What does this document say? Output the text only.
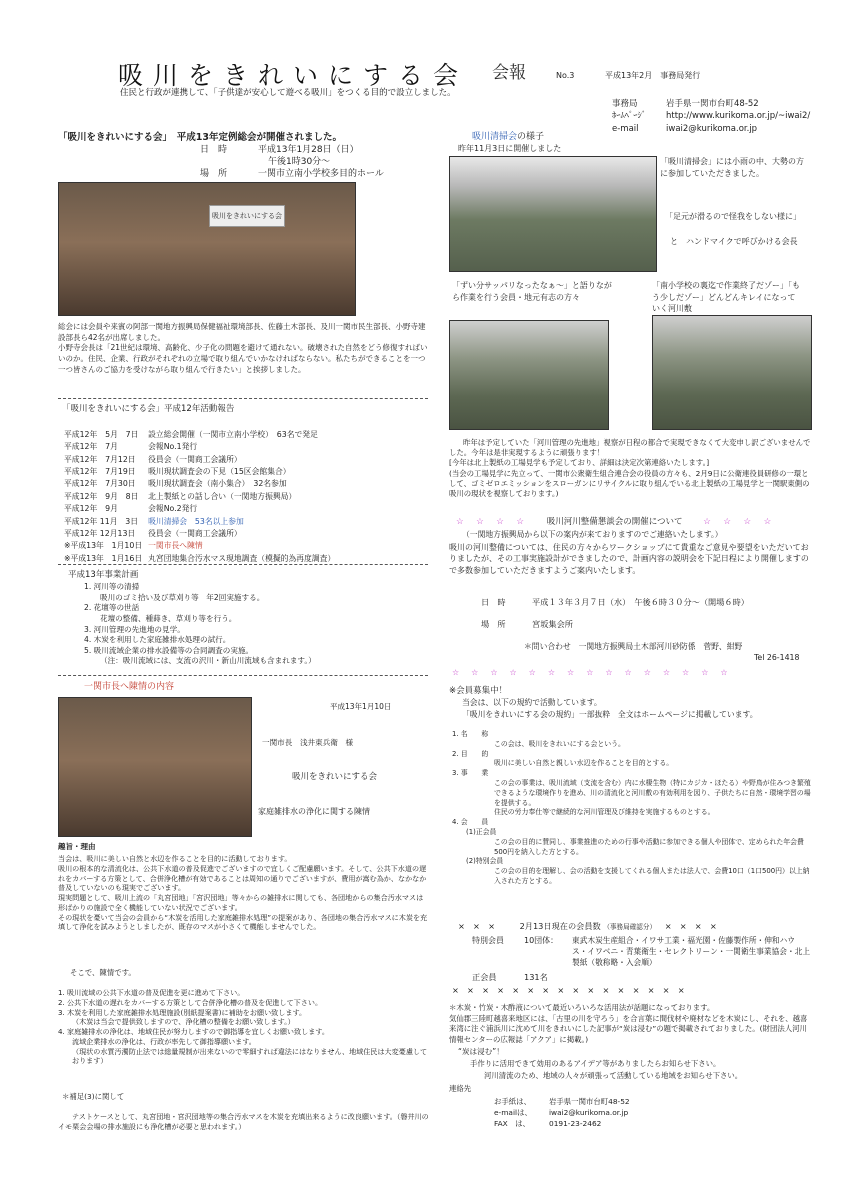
吸川をきれいにする会 会報	No.3	平成13年2月　事務局発行
住民と行政が連携して、「子供達が安心して遊べる吸川」をつくる目的で設立しました。
事務局	岩手県一関市台町48-52
ﾎｰﾑﾍﾟｰｼﾞ	http://www.kurikoma.or.jp/~iwai2/
e-mail	iwai2@kurikoma.or.jp
「吸川をきれいにする会」　平成13年定例総会が開催されました。
日　時	平成13年1月28日（日）
午後1時30分～
場　所	一関市立南小学校多目的ホール
吸川をきれいにする会
総会には会員や来賓の阿部一関地方振興局保健福祉環境部長、佐藤土木部長、及川一関市民生部長、小野寺建設部長ら42名が出席しました。
小野寺会長は「21世紀は環境、高齢化、少子化の問題を避けて通れない。破壊された自然をどう修復すればいいのか。住民、企業、行政がそれぞれの立場で取り組んでいかなければならない。私たちができることを一つ一つ皆さんのご協力を受けながら取り組んで行きたい」と挨拶しました。
「吸川をきれいにする会」平成12年活動報告
平成12年　5月　7日	設立総会開催（一関市立南小学校）　63名で発足
平成12年　7月	会報No.1発行
平成12年　7月12日	役員会（一関商工会議所）
平成12年　7月19日	吸川現状調査会の下見（15区会館集合）
平成12年　7月30日	吸川現状調査会（南小集合）　32名参加
平成12年　9月　8日	北上製紙との話し合い（一関地方振興局）
平成12年　9月	会報No.2発行
平成12年 11月　3日	吸川清掃会　53名以上参加
平成12年 12月13日	役員会（一関商工会議所）
※平成13年　1月10日	一関市長へ陳情
※平成13年　1月16日	丸宮団地集合汚水マス現地調査（模擬的為再度調査）
平成13年事業計画
1. 河川等の清掃
吸川のゴミ拾い及び草刈り等　年2回実施する。
2. 花壇等の世話
花壇の整備、種蒔き、草刈り等を行う。
3. 河川管理の先進地の見学。
4. 木炭を利用した家庭雑排水処理の試行。
5. 吸川流域企業の排水設備等の合同調査の実施。
（注：吸川流域には、支流の沢川・新山川流域も含まれます。）
一関市長へ陳情の内容
平成13年1月10日
一関市長　浅井東兵衛　様
吸川をきれいにする会
家庭雑排水の浄化に関する陳情
趣旨・理由
当会は、吸川に美しい自然と水辺を作ることを目的に活動しております。
吸川の根本的な清流化は、公共下水道の普及促進でございますので宜しくご配慮願います。そして、公共下水道の遅れをカバーする方策として、合併浄化槽が有効であることは周知の通りでございますが、費用が嵩む為か、なかなか普及していないのも現実でございます。
現実問題として、吸川上流の「丸宮団地」「宮沢団地」等々からの雑排水に関しても、各団地からの集合汚水マスは形ばかりの施設で全く機能していない状況でございます。
その現状を憂いて当会の会員から“木炭を活用した家庭雑排水処理”の提案があり、各団地の集合汚水マスに木炭を充填して浄化を試みようとしましたが、既存のマスが小さくて機能しませんでした。
そこで、陳情です。
1. 吸川流域の公共下水道の普及促進を更に進めて下さい。
2. 公共下水道の遅れをカバーする方策として合併浄化槽の普及を促進して下さい。
3. 木炭を利用した家庭雑排水処理施設(別紙提案書)に補助をお願い致します。
（木炭は当会で提供致しますので、浄化槽の整備をお願い致します。）
4. 家庭雑排水の浄化は、地域住民が努力しますので御指導を宜しくお願い致します。
流域企業排水の浄化は、行政が率先して御指導願います。
（現状の水質汚濁防止法では総量規制が出来ないので零細すれば違法にはなりません、地域住民は大変憂慮しております）
＊補足(3)に関して
テストケースとして、丸宮団地・宮沢団地等の集合汚水マスを木炭を充填出来るように改良願います。（磐井川のイモ栗会会場の排水施設にも浄化槽が必要と思われます。）
吸川清掃会の様子
昨年11月3日に開催しました
「吸川清掃会」には小雨の中、大勢の方に参加していただきました。
「足元が滑るので怪我をしない様に」
と　ハンドマイクで呼びかける会長
「ずい分サッパリなったなぁ～」と語りながら作業を行う会員・地元有志の方々
「南小学校の裏迄で作業終了だゾー」「もう少しだゾー」どんどんキレイになっていく河川敷
昨年は予定していた「河川管理の先進地」視察が日程の都合で実現できなくて大変申し訳ございませんでした。今年は是非実現するように頑張ります！
[今年は北上製紙の工場見学も予定しており、詳細は決定次第連絡いたします。]
(当会の工場見学に先立って、一関市公衆衛生組合連合会の役員の方々も、2月9日に公衛連役員研修の一環として、ゴミゼロエミッションをスローガンにリサイクルに取り組んでいる北上製紙の工場見学と一関駅東側の吸川の現状を視察しております。)
☆　☆　☆　☆ 吸川河川整備懇談会の開催について ☆　☆　☆　☆
（一関地方振興局から以下の案内が来ておりますのでご連絡いたします。）
吸川の河川整備については、住民の方々からワークショップにて貴重なご意見や要望をいただいておりましたが、その工事実施設計ができましたので、計画内容の説明会を下記日程により開催しますので多数参加していただきますようご案内いたします。
日　時	平成１３年３月７日（水）　午後６時３０分～（開場６時）
場　所	宮坂集会所
＊問い合わせ　一関地方振興局土木部河川砂防係　菅野、紺野
Tel 26-1418
☆　☆　☆　☆　☆　☆　☆　☆　☆　☆　☆　☆　☆　☆　☆
※会員募集中！
当会は、以下の規約で活動しています。
「吸川をきれいにする会の規約」一部抜粋　全文はホームページに掲載しています。
1. 名　　称
この会は、吸川をきれいにする会という。
2. 目　　的
吸川に美しい自然と親しい水辺を作ることを目的とする。
3. 事　　業
この会の事業は、吸川流域（支流を含む）内に水棲生物（特にカジカ・ほたる）や野鳥が住みつき繁殖できるような環境作りを進め、川の清流化と河川敷の有効利用を図り、子供たちに自然・環境学習の場を提供する。
住民の労力奉仕等で継続的な河川管理及び維持を実施するものとする。
4. 会　　員
(1)正会員
この会の目的に賛同し、事業推進のための行事や活動に参加できる個人や団体で、定められた年会費500円を納入した方とする。
(2)特別会員
この会の目的を理解し、会の活動を支援してくれる個人または法人で、会費10口（1口500円）以上納入された方とする。
×　×　×	2月13日現在の会員数 （事務局確認分） ×　×　×　×
特別会員	10団体： 東武木炭生産組合・イワサ工業・福光園・佐藤製作所・伸和ハウス・イワベニ・青葉衛生・セレクトリーン・一関衛生事業協会・北上製紙（敬称略・入会順）
正会員	131名
×　×　×　×　×　×　×　×　×　×　×　×　×　×　×　×
＊木炭・竹炭・木酢液について最近いろいろな活用法が話題になっております。
気仙郡三陸町越喜来地区には、「古里の川を守ろう」を合言葉に間伐材や廃材などを木炭にし、それを、越喜来湾に注ぐ浦浜川に沈めて川をきれいにした記事が“炭は浸む”の題で掲載されておりました。(財団法人河川情報センターの広報誌「アクア」に掲載。)
“炭は浸む”！
手作りに活用できて効用のあるアイデア等がありましたらお知らせ下さい。
河川清流のため、地域の人々が頑張って活動している地域をお知らせ下さい。
連絡先
お手紙は、	岩手県一関市台町48-52
e-mailは、	iwai2@kurikoma.or.jp
FAX　は、	0191-23-2462
